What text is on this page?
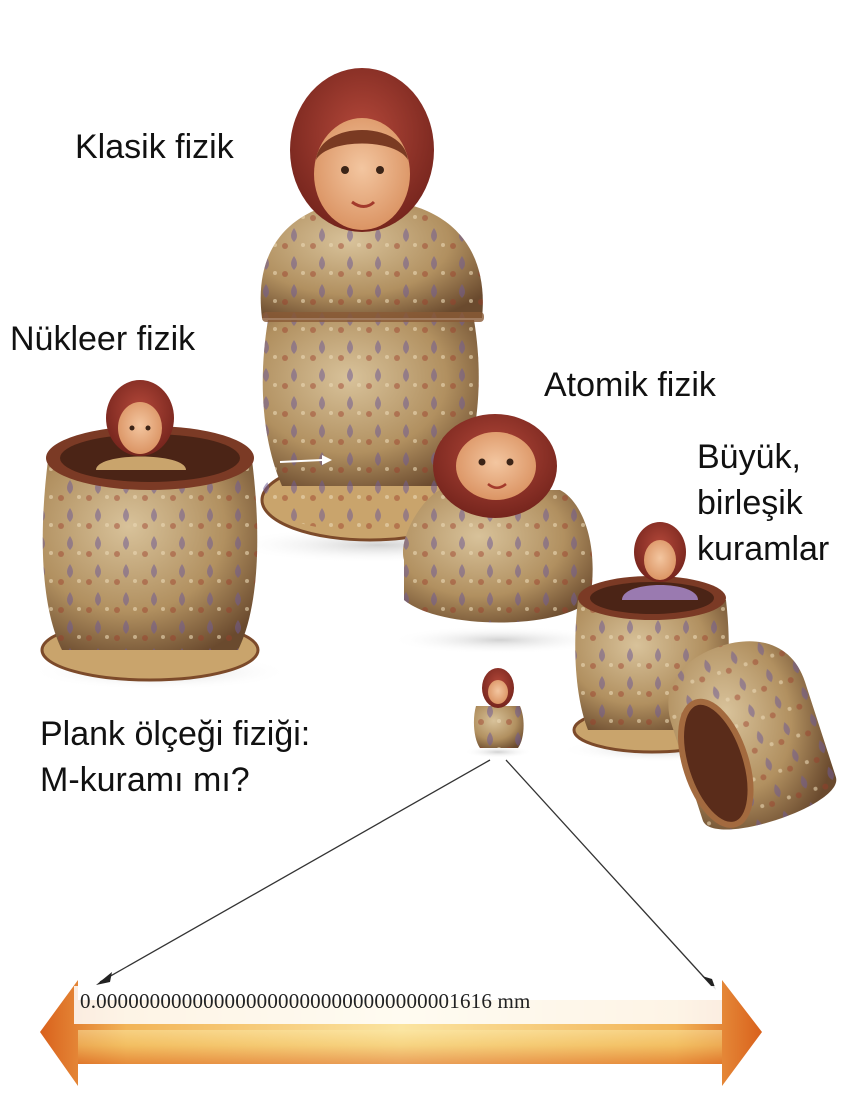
Klasik fizik
Nükleer fizik
Atomik fizik
Büyük,
birleşik
kuramlar
Plank ölçeği fiziği:
M-kuramı mı?
0.0000000000000000000000000000000001616 mm
